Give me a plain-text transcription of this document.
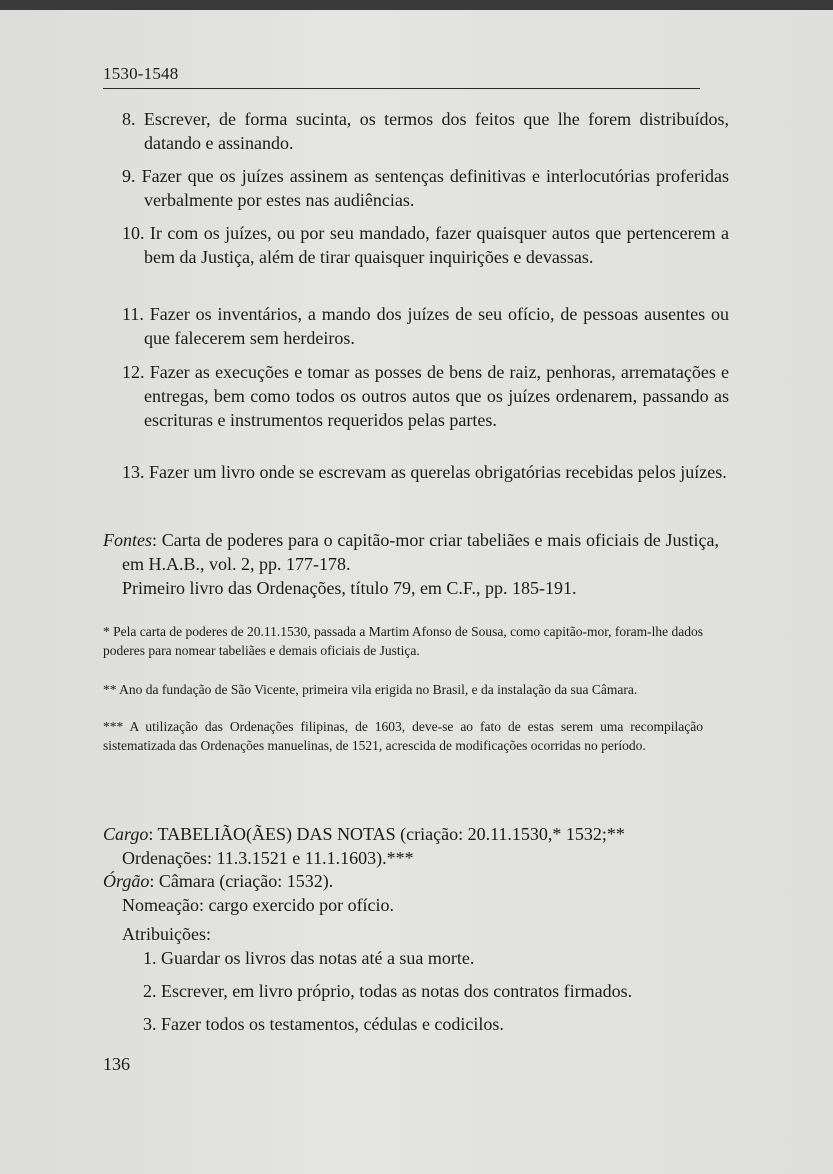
1530-1548
8. Escrever, de forma sucinta, os termos dos feitos que lhe forem distribuídos, datando e assinando.
9. Fazer que os juízes assinem as sentenças definitivas e interlocutórias proferidas verbalmente por estes nas audiências.
10. Ir com os juízes, ou por seu mandado, fazer quaisquer autos que pertencerem a bem da Justiça, além de tirar quaisquer inquirições e devassas.
11. Fazer os inventários, a mando dos juízes de seu ofício, de pessoas ausentes ou que falecerem sem herdeiros.
12. Fazer as execuções e tomar as posses de bens de raiz, penhoras, arrematações e entregas, bem como todos os outros autos que os juízes ordenarem, passando as escrituras e instrumentos requeridos pelas partes.
13. Fazer um livro onde se escrevam as querelas obrigatórias recebidas pelos juízes.
Fontes: Carta de poderes para o capitão-mor criar tabeliães e mais oficiais de Justiça, em H.A.B., vol. 2, pp. 177-178.
Primeiro livro das Ordenações, título 79, em C.F., pp. 185-191.
* Pela carta de poderes de 20.11.1530, passada a Martim Afonso de Sousa, como capitão-mor, foram-lhe dados poderes para nomear tabeliães e demais oficiais de Justiça.
** Ano da fundação de São Vicente, primeira vila erigida no Brasil, e da instalação da sua Câmara.
*** A utilização das Ordenações filipinas, de 1603, deve-se ao fato de estas serem uma recompilação sistematizada das Ordenações manuelinas, de 1521, acrescida de modificações ocorridas no período.
Cargo: TABELIÃO(ÃES) DAS NOTAS (criação: 20.11.1530,* 1532;**
Ordenações: 11.3.1521 e 11.1.1603).***
Órgão: Câmara (criação: 1532).
Nomeação: cargo exercido por ofício.
Atribuições:
1. Guardar os livros das notas até a sua morte.
2. Escrever, em livro próprio, todas as notas dos contratos firmados.
3. Fazer todos os testamentos, cédulas e codicilos.
136
